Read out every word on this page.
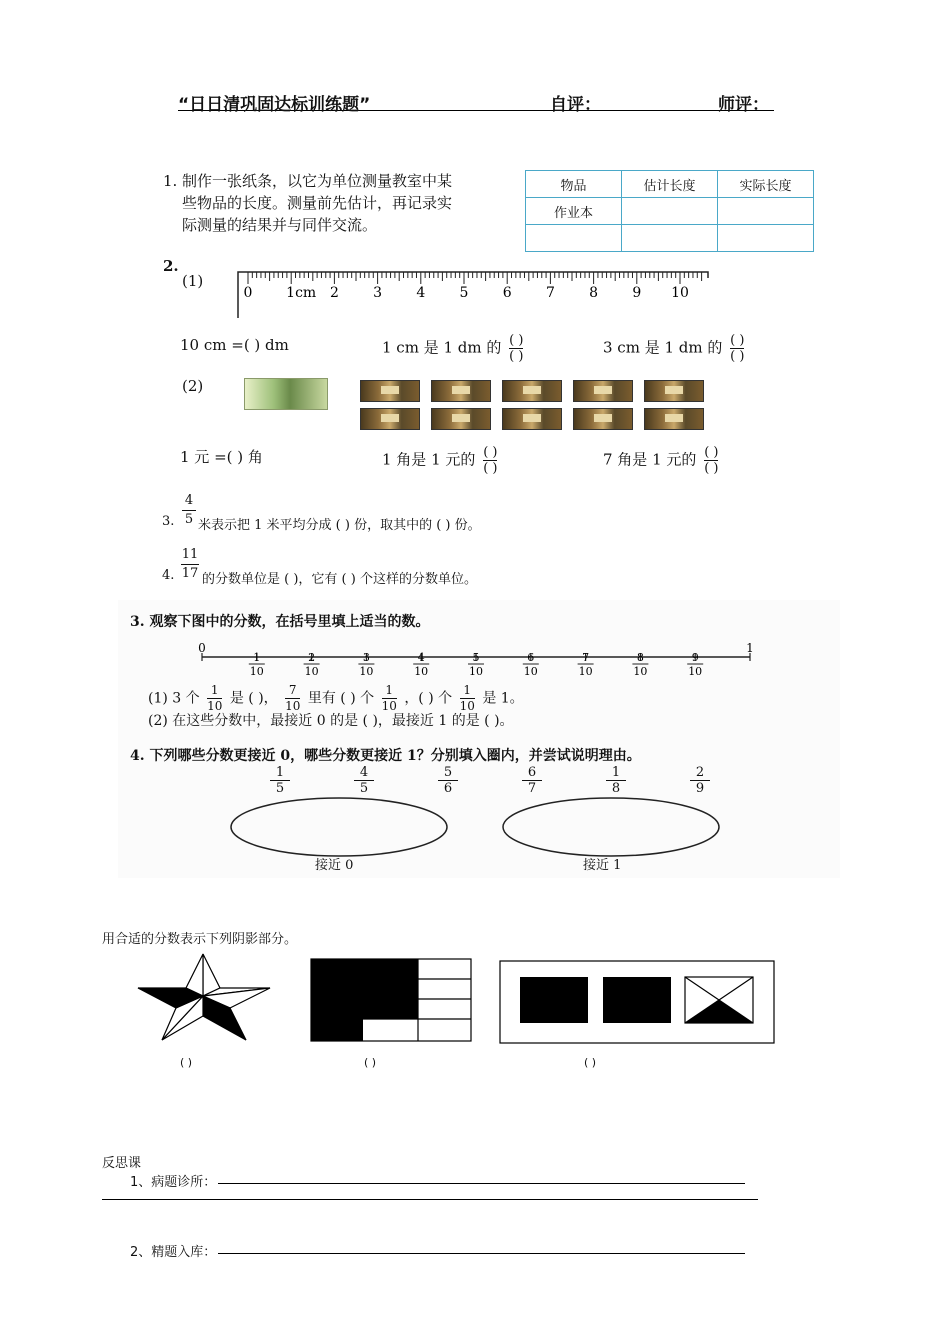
“日日清巩固达标训练题”	自评：	师评：
1. 制作一张纸条，以它为单位测量教室中某
些物品的长度。测量前先估计，再记录实
际测量的结果并与同伴交流。
物品	估计长度	实际长度
作业本		

2.
(1)
0 1cm 2 3 4 5 6 7 8 9 10
10 cm =( ) dm	1 cm 是 1 dm 的 $\frac{( )}{( )}$	3 cm 是 1 dm 的 $\frac{( )}{( )}$
(2)
1 元 =( ) 角	1 角是 1 元的 $\frac{( )}{( )}$	7 角是 1 元的 $\frac{( )}{( )}$
3.
4
5 米表示把 1 米平均分成 ( ) 份，取其中的 ( ) 份。
4.
11
17 的分数单位是 ( )，它有 ( ) 个这样的分数单位。
3. 观察下图中的分数，在括号里填上适当的数。
1
10
2
10
3
10
4
10
5
10
6
10
7
10
8
10
9
10
0	1
(1) 3 个 $\frac{1}{10}$ 是 ( )， $\frac{7}{10}$ 里有 ( ) 个 $\frac{1}{10}$ ，( ) 个 $\frac{1}{10}$ 是 1。
(2) 在这些分数中，最接近 0 的是 ( )，最接近 1 的是 ( )。
4. 下列哪些分数更接近 0，哪些分数更接近 1？分别填入圈内，并尝试说明理由。
1
5
4
5
5
6
6
7
1
8
2
9
接近 0	接近 1
用合适的分数表示下列阴影部分。
( )	( )	( )
反思课
1、病题诊所：
2、精题入库：
